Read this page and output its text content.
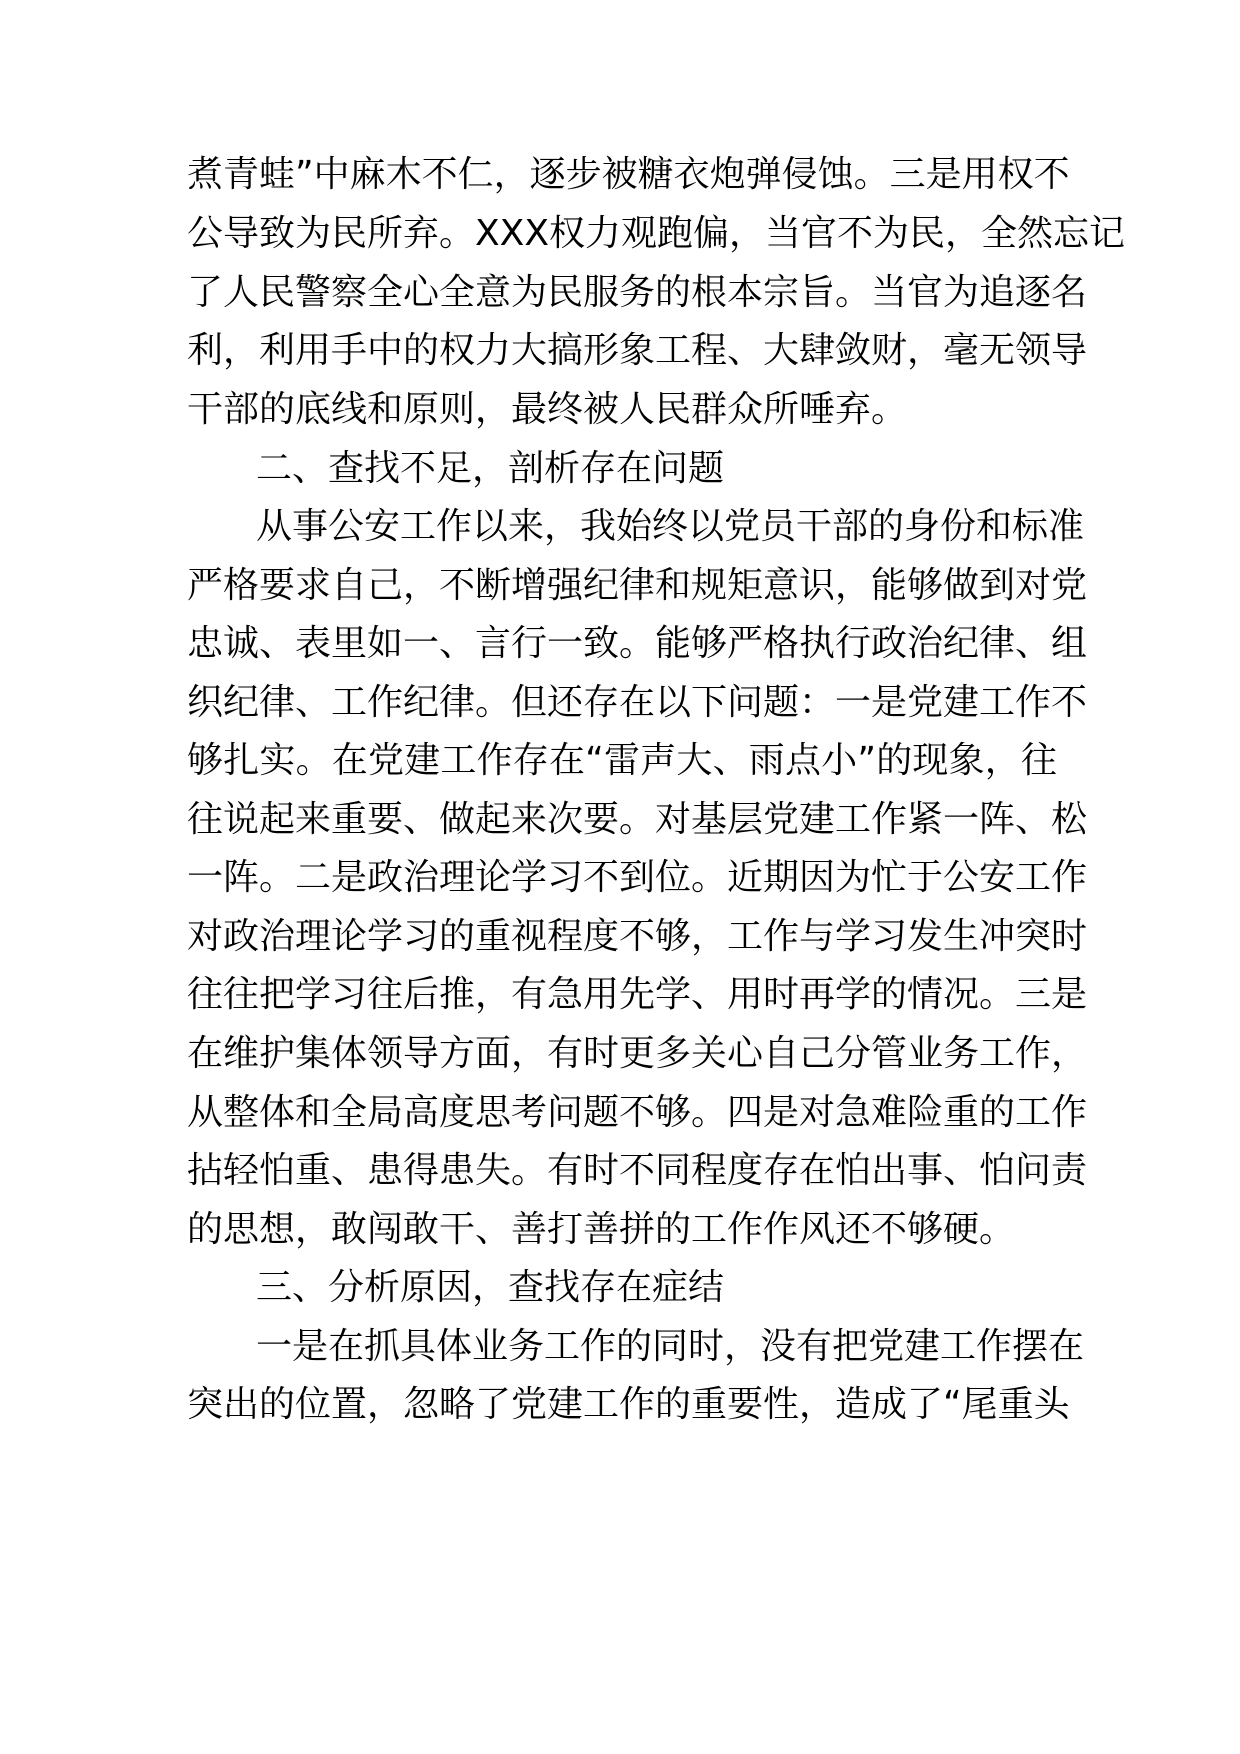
煮青蛙”中麻木不仁，逐步被糖衣炮弹侵蚀。三是用权不
公导致为民所弃。XXX权力观跑偏，当官不为民，全然忘记
了人民警察全心全意为民服务的根本宗旨。当官为追逐名
利，利用手中的权力大搞形象工程、大肆敛财，毫无领导
干部的底线和原则，最终被人民群众所唾弃。
二、查找不足，剖析存在问题
从事公安工作以来，我始终以党员干部的身份和标准
严格要求自己，不断增强纪律和规矩意识，能够做到对党
忠诚、表里如一、言行一致。能够严格执行政治纪律、组
织纪律、工作纪律。但还存在以下问题：一是党建工作不
够扎实。在党建工作存在“雷声大、雨点小”的现象，往
往说起来重要、做起来次要。对基层党建工作紧一阵、松
一阵。二是政治理论学习不到位。近期因为忙于公安工作
对政治理论学习的重视程度不够，工作与学习发生冲突时
往往把学习往后推，有急用先学、用时再学的情况。三是
在维护集体领导方面，有时更多关心自己分管业务工作，
从整体和全局高度思考问题不够。四是对急难险重的工作
拈轻怕重、患得患失。有时不同程度存在怕出事、怕问责
的思想，敢闯敢干、善打善拼的工作作风还不够硬。
三、分析原因，查找存在症结
一是在抓具体业务工作的同时，没有把党建工作摆在
突出的位置，忽略了党建工作的重要性，造成了“尾重头
